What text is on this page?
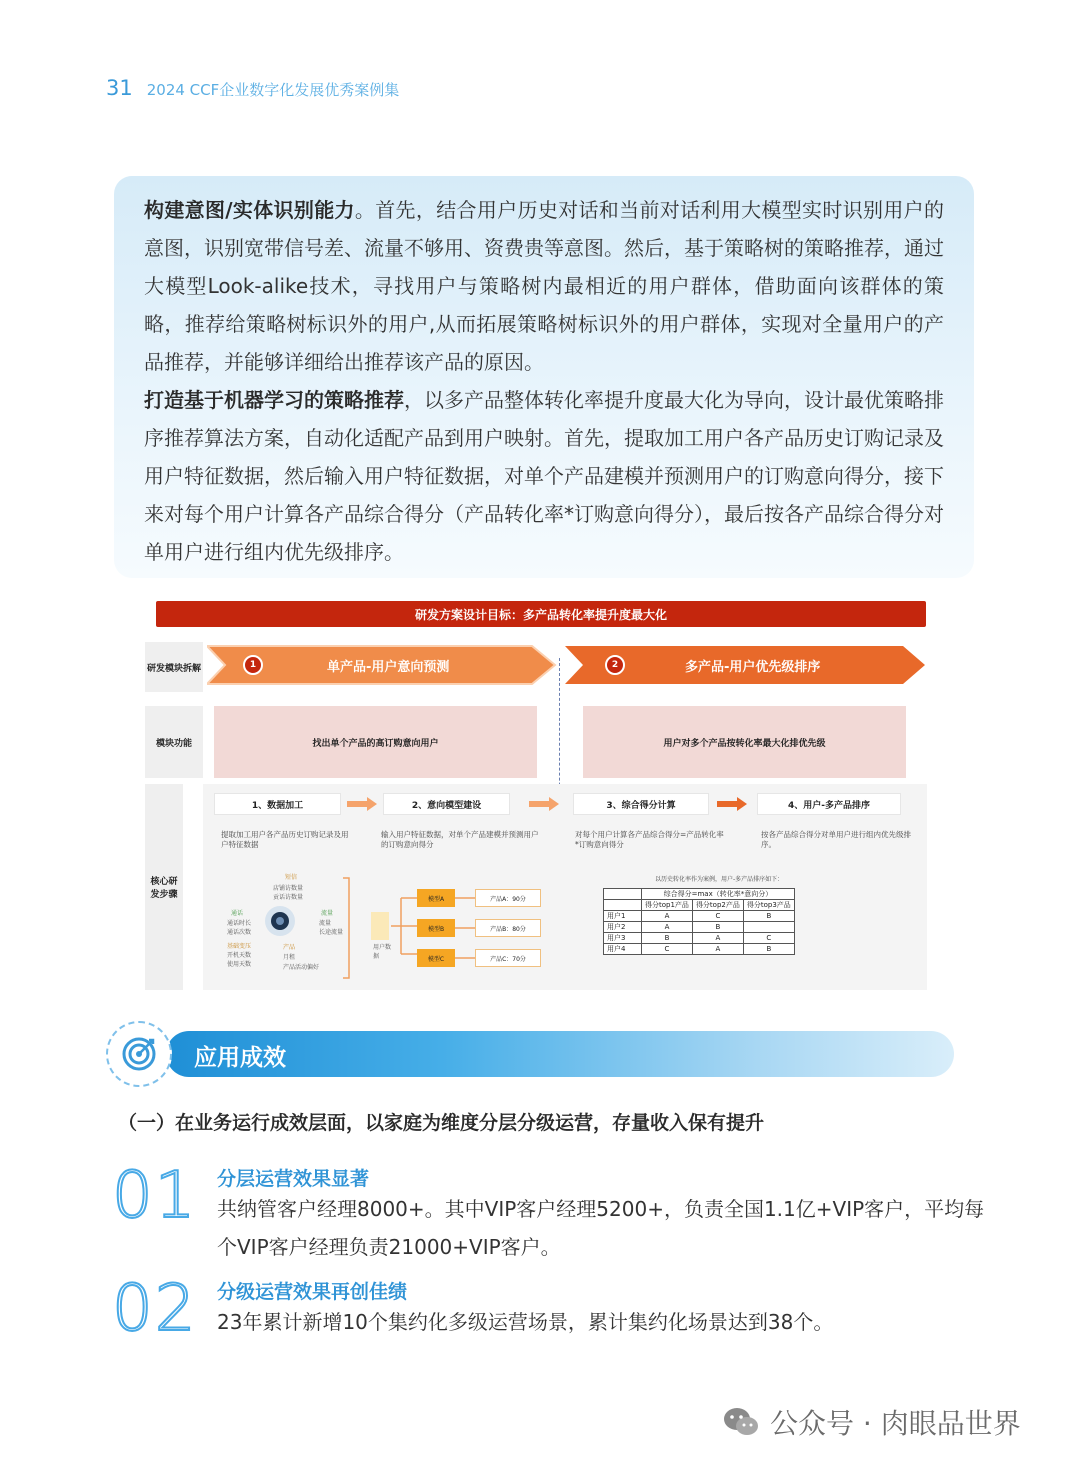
31 2024 CCF企业数字化发展优秀案例集

构建意图/实体识别能力。首先，结合用户历史对话和当前对话利用大模型实时识别用户的意图，识别宽带信号差、流量不够用、资费贵等意图。然后，基于策略树的策略推荐，通过大模型Look-alike技术，寻找用户与策略树内最相近的用户群体，借助面向该群体的策略，推荐给策略树标识外的用户,从而拓展策略树标识外的用户群体，实现对全量用户的产品推荐，并能够详细给出推荐该产品的原因。

打造基于机器学习的策略推荐，以多产品整体转化率提升度最大化为导向，设计最优策略排序推荐算法方案，自动化适配产品到用户映射。首先，提取加工用户各产品历史订购记录及用户特征数据，然后输入用户特征数据，对单个产品建模并预测用户的订购意向得分，接下来对每个用户计算各产品综合得分（产品转化率*订购意向得分），最后按各产品综合得分对单用户进行组内优先级排序。

研发方案设计目标：多产品转化率提升度最大化
研发模块拆解
模块功能
核心研发步骤
1	单产品-用户意向预测	2	多产品-用户优先级排序
找出单个产品的高订购意向用户	用户对多个产品按转化率最大化排优先级
1、数据加工	2、意向模型建设	3、综合得分计算	4、用户-多产品排序
提取加工用户各产品历史订购记录及用户特征数据
输入用户特征数据，对单个产品建模并预测用户的订购意向得分
对每个用户计算各产品综合得分=产品转化率*订购意向得分
按各产品综合得分对单用户进行组内优先级排序。
短信
店铺访数量
贡话访数量
通话
通话时长
通话次数
流量
流量
长途流量
基础变压
开机天数
使用天数
产品
月租
产品活动偏好
用户数据
模型A
模型B
模型C
产品A：90分
产品B：80分
产品C：70分
以历史转化率作为案例，用户-多产品排序如下：
	综合得分=max（转化率*意向分）		
	得分top1产品	得分top2产品	得分top3产品
用户1	A	C	B
用户2	A	B	
用户3	B	A	C
用户4	C	A	B
应用成效
（一）在业务运行成效层面，以家庭为维度分层分级运营，存量收入保有提升
01 分层运营效果显著
共纳管客户经理8000+。其中VIP客户经理5200+，负责全国1.1亿+VIP客户，平均每个VIP客户经理负责21000+VIP客户。
02 分级运营效果再创佳绩
23年累计新增10个集约化多级运营场景，累计集约化场景达到38个。
公众号 · 肉眼品世界
